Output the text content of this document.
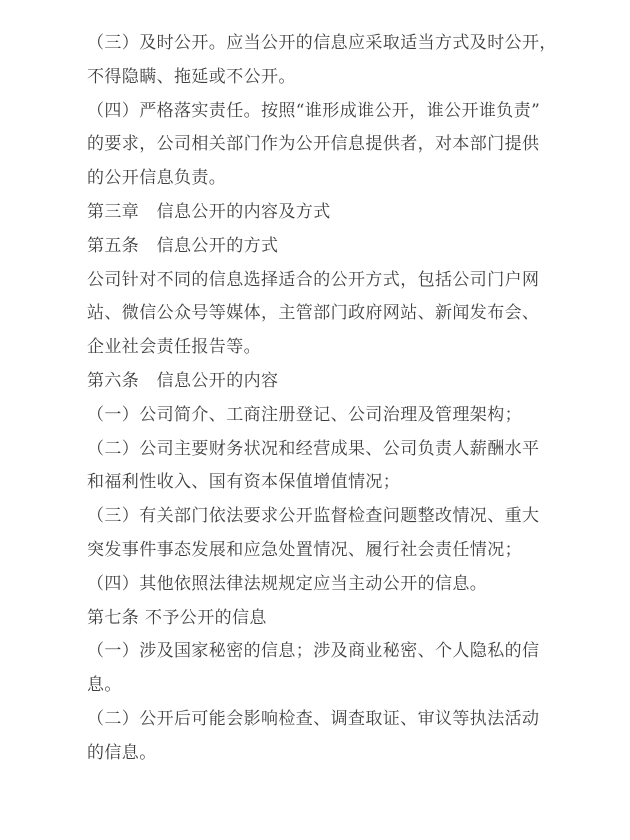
（三）及时公开。应当公开的信息应采取适当方式及时公开，
不得隐瞒、拖延或不公开。
（四）严格落实责任。按照“谁形成谁公开，谁公开谁负责”
的要求，公司相关部门作为公开信息提供者，对本部门提供
的公开信息负责。
第三章　信息公开的内容及方式
第五条　信息公开的方式
公司针对不同的信息选择适合的公开方式，包括公司门户网
站、微信公众号等媒体，主管部门政府网站、新闻发布会、
企业社会责任报告等。
第六条　信息公开的内容
（一）公司简介、工商注册登记、公司治理及管理架构；
（二）公司主要财务状况和经营成果、公司负责人薪酬水平
和福利性收入、国有资本保值增值情况；
（三）有关部门依法要求公开监督检查问题整改情况、重大
突发事件事态发展和应急处置情况、履行社会责任情况；
（四）其他依照法律法规规定应当主动公开的信息。
第七条 不予公开的信息
（一）涉及国家秘密的信息；涉及商业秘密、个人隐私的信
息。
（二）公开后可能会影响检查、调查取证、审议等执法活动
的信息。
